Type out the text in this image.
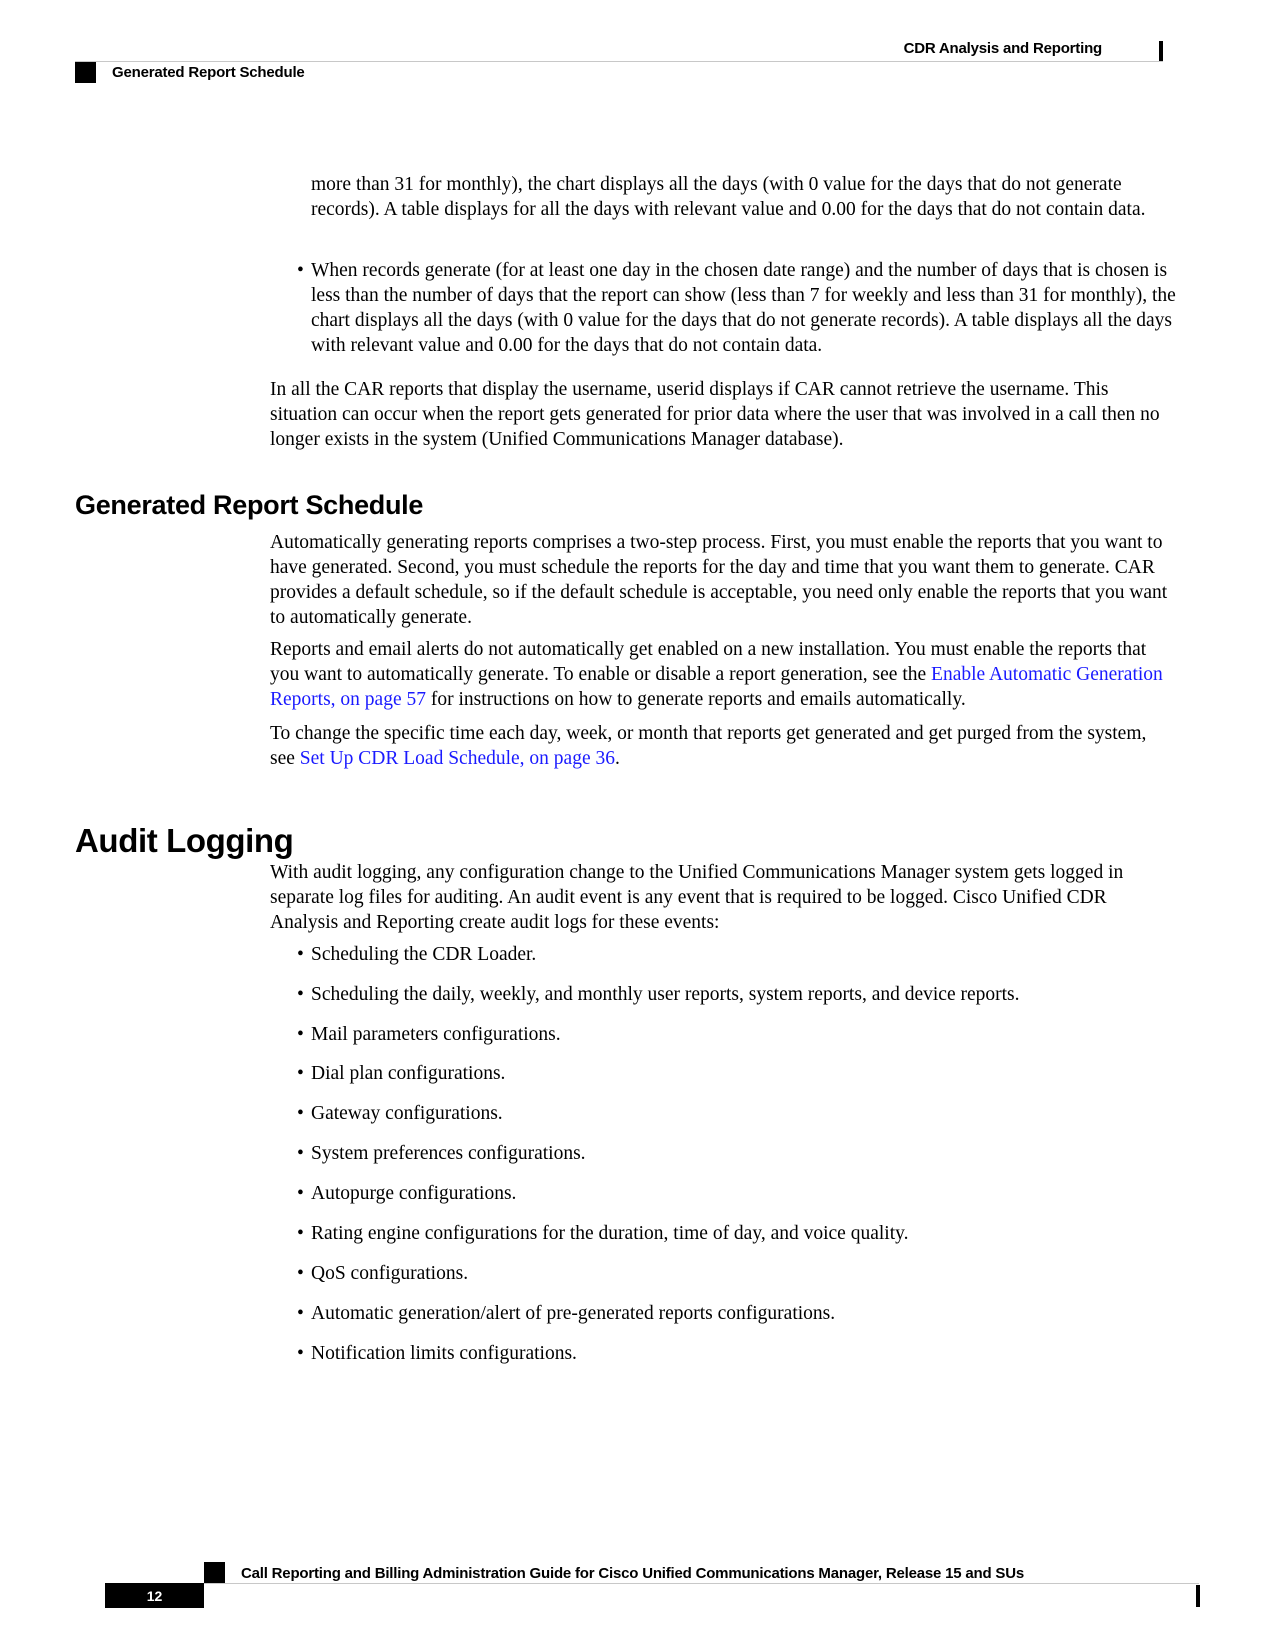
CDR Analysis and Reporting
Generated Report Schedule

more than 31 for monthly), the chart displays all the days (with 0 value for the days that do not generate records). A table displays for all the days with relevant value and 0.00 for the days that do not contain data.

• When records generate (for at least one day in the chosen date range) and the number of days that is chosen is less than the number of days that the report can show (less than 7 for weekly and less than 31 for monthly), the chart displays all the days (with 0 value for the days that do not generate records). A table displays all the days with relevant value and 0.00 for the days that do not contain data.

In all the CAR reports that display the username, userid displays if CAR cannot retrieve the username. This situation can occur when the report gets generated for prior data where the user that was involved in a call then no longer exists in the system (Unified Communications Manager database).

Generated Report Schedule

Automatically generating reports comprises a two-step process. First, you must enable the reports that you want to have generated. Second, you must schedule the reports for the day and time that you want them to generate. CAR provides a default schedule, so if the default schedule is acceptable, you need only enable the reports that you want to automatically generate.

Reports and email alerts do not automatically get enabled on a new installation. You must enable the reports that you want to automatically generate. To enable or disable a report generation, see the Enable Automatic Generation Reports, on page 57 for instructions on how to generate reports and emails automatically.

To change the specific time each day, week, or month that reports get generated and get purged from the system, see Set Up CDR Load Schedule, on page 36.

Audit Logging

With audit logging, any configuration change to the Unified Communications Manager system gets logged in separate log files for auditing. An audit event is any event that is required to be logged. Cisco Unified CDR Analysis and Reporting create audit logs for these events:

• Scheduling the CDR Loader.
• Scheduling the daily, weekly, and monthly user reports, system reports, and device reports.
• Mail parameters configurations.
• Dial plan configurations.
• Gateway configurations.
• System preferences configurations.
• Autopurge configurations.
• Rating engine configurations for the duration, time of day, and voice quality.
• QoS configurations.
• Automatic generation/alert of pre-generated reports configurations.
• Notification limits configurations.
Call Reporting and Billing Administration Guide for Cisco Unified Communications Manager, Release 15 and SUs
12
